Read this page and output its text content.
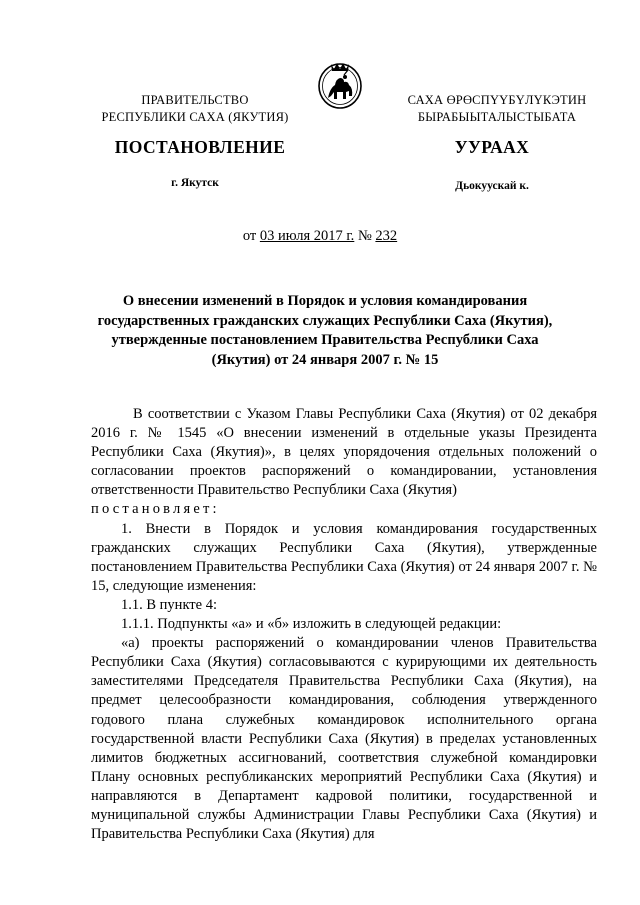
ПРАВИТЕЛЬСТВО
РЕСПУБЛИКИ САХА (ЯКУТИЯ)
САХА ӨРӨСПҮҮБҮЛҮКЭТИН
БЫРАБЫЫТАЛЫСТЫБАТА
ПОСТАНОВЛЕНИЕ	УУРААХ
г. Якутск	Дьокуускай к.
от 03 июля 2017 г. № 232
О внесении изменений в Порядок и условия командирования государственных гражданских служащих Республики Саха (Якутия), утвержденные постановлением Правительства Республики Саха (Якутия) от 24 января 2007 г. № 15

В соответствии с Указом Главы Республики Саха (Якутия) от 02 декабря 2016 г. № 1545 «О внесении изменений в отдельные указы Президента Республики Саха (Якутия)», в целях упорядочения отдельных положений о согласовании проектов распоряжений о командировании, установления ответственности Правительство Республики Саха (Якутия)

постановляет:

1. Внести в Порядок и условия командирования государственных гражданских служащих Республики Саха (Якутия), утвержденные постановлением Правительства Республики Саха (Якутия) от 24 января 2007 г. № 15, следующие изменения:

1.1. В пункте 4:

1.1.1. Подпункты «а» и «б» изложить в следующей редакции:

«а) проекты распоряжений о командировании членов Правительства Республики Саха (Якутия) согласовываются с курирующими их деятельность заместителями Председателя Правительства Республики Саха (Якутия), на предмет целесообразности командирования, соблюдения утвержденного годового плана служебных командировок исполнительного органа государственной власти Республики Саха (Якутия) в пределах установленных лимитов бюджетных ассигнований, соответствия служебной командировки Плану основных республиканских мероприятий Республики Саха (Якутия) и направляются в Департамент кадровой политики, государственной и муниципальной службы Администрации Главы Республики Саха (Якутия) и Правительства Республики Саха (Якутия) для
